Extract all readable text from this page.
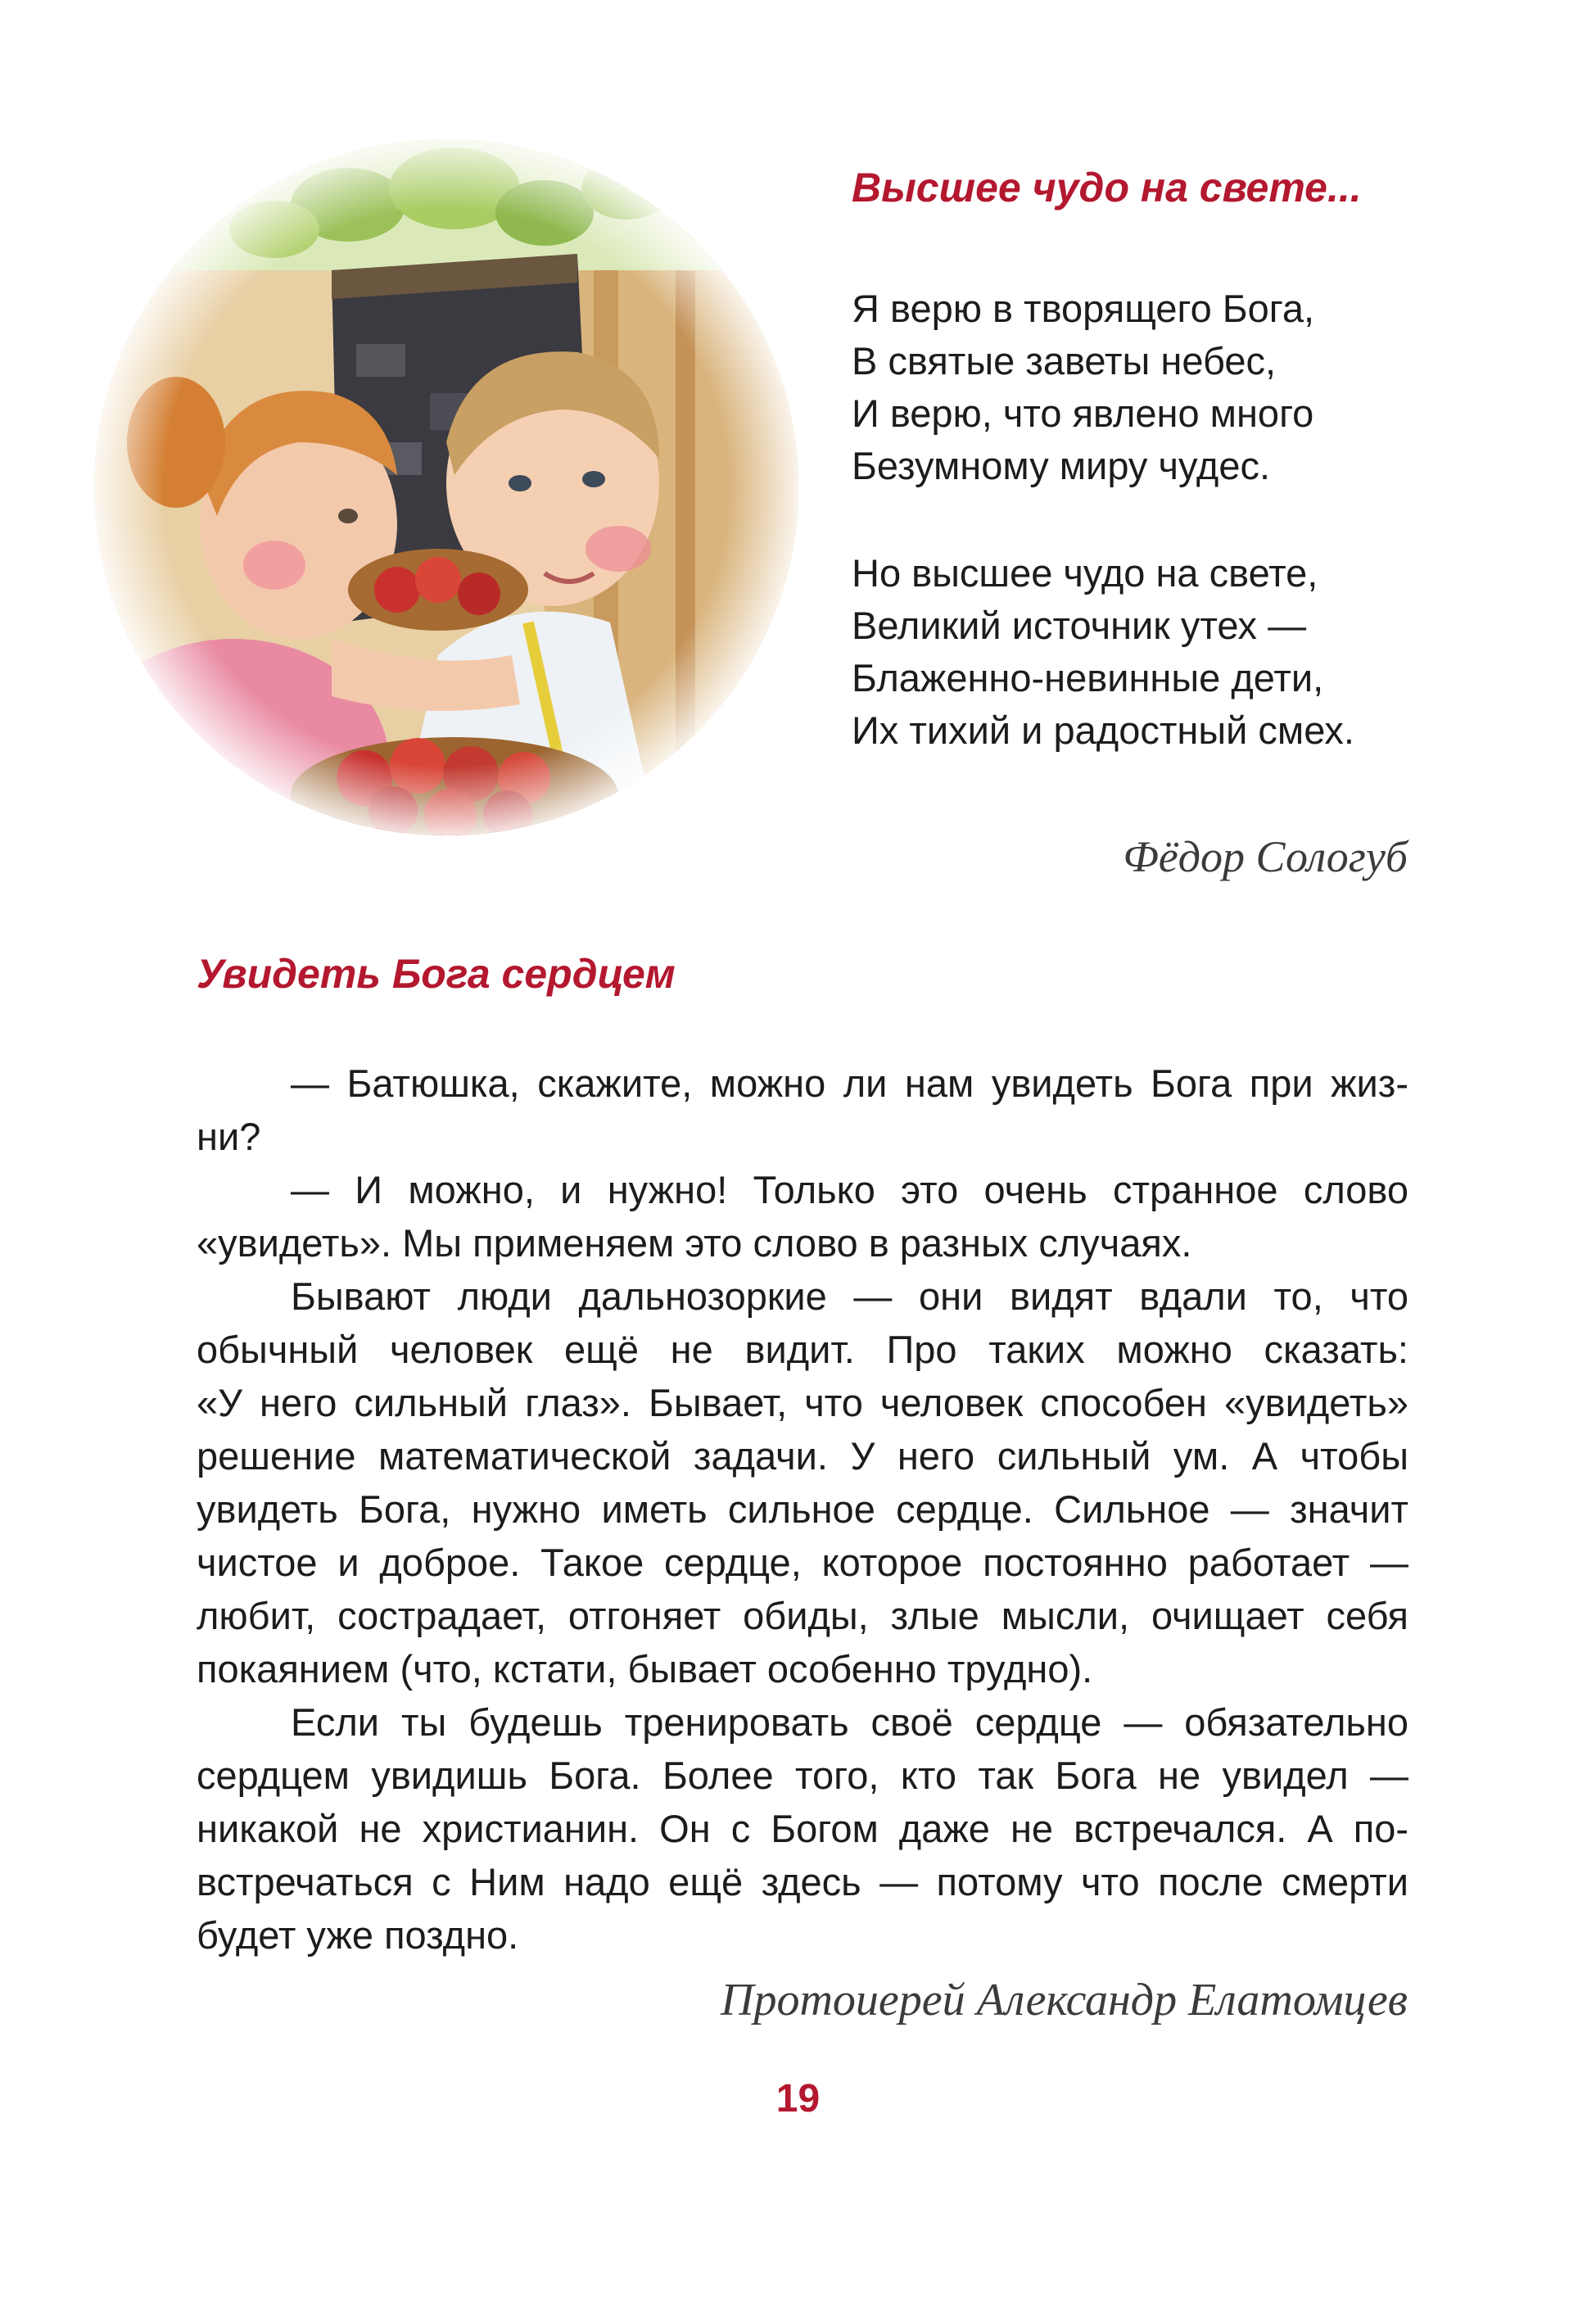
Высшее чудо на свете...
Я верю в творящего Бога,
В святые заветы небес,
И верю, что явлено много
Безумному миру чудес.
Но высшее чудо на свете,
Великий источник утех —
Блаженно-невинные дети,
Их тихий и радостный смех.
Фёдор Сологуб
Увидеть Бога сердцем
— Батюшка, скажите, можно ли нам увидеть Бога при жиз-
ни?
— И можно, и нужно! Только это очень странное слово
«увидеть». Мы применяем это слово в разных случаях.
Бывают люди дальнозоркие — они видят вдали то, что
обычный человек ещё не видит. Про таких можно сказать:
«У него сильный глаз». Бывает, что человек способен «увидеть»
решение математической задачи. У него сильный ум. А чтобы
увидеть Бога, нужно иметь сильное сердце. Сильное — значит
чистое и доброе. Такое сердце, которое постоянно работает —
любит, сострадает, отгоняет обиды, злые мысли, очищает себя
покаянием (что, кстати, бывает особенно трудно).
Если ты будешь тренировать своё сердце — обязательно
сердцем увидишь Бога. Более того, кто так Бога не увидел —
никакой не христианин. Он с Богом даже не встречался. А по-
встречаться с Ним надо ещё здесь — потому что после смерти
будет уже поздно.
Протоиерей Александр Елатомцев
19
